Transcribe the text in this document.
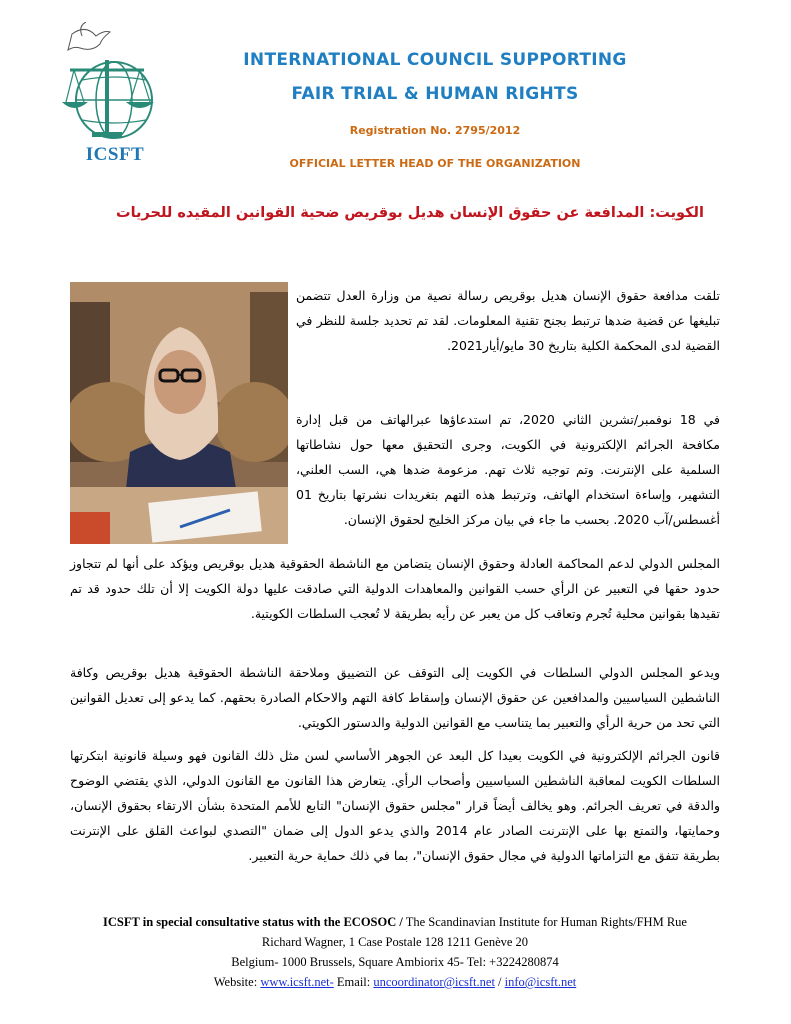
ICSFT
INTERNATIONAL COUNCIL SUPPORTING
FAIR TRIAL & HUMAN RIGHTS
Registration No. 2795/2012
OFFICIAL LETTER HEAD OF THE ORGANIZATION
الكويت: المدافعة عن حقوق الإنسان هديل بوقريص ضحية القوانين المقيده للحريات

تلقت مدافعة حقوق الإنسان هديل بوقريص رسالة نصية من وزارة العدل تتضمن تبليغها عن قضية ضدها ترتبط بجنح تقنية المعلومات. لقد تم تحديد جلسة للنظر في القضية لدى المحكمة الكلية بتاريخ 30 مايو/أيار2021.

في 18 نوفمبر/تشرين الثاني 2020، تم استدعاؤها عبرالهاتف من قبل إدارة مكافحة الجرائم الإلكترونية في الكويت، وجرى التحقيق معها حول نشاطاتها السلمية على الإنترنت. وتم توجيه ثلاث تهم. مزعومة ضدها هي، السب العلني، التشهير، وإساءة استخدام الهاتف، وترتبط هذه التهم بتغريدات نشرتها بتاريخ 01 أغسطس/آب 2020. بحسب ما جاء في بيان مركز الخليج لحقوق الإنسان.

المجلس الدولي لدعم المحاكمة العادلة وحقوق الإنسان يتضامن مع الناشطة الحقوقية هديل بوقريص ويؤكد على أنها لم تتجاوز حدود حقها في التعبير عن الرأي حسب القوانين والمعاهدات الدولية التي صادقت عليها دولة الكويت إلا أن تلك حدود قد تم تقيدها بقوانين محلية تُجرم وتعاقب كل من يعبر عن رأيه بطريقة لا تُعجب السلطات الكويتية.

ويدعو المجلس الدولي السلطات في الكويت إلى التوقف عن التضييق وملاحقة الناشطة الحقوقية هديل بوقريص وكافة الناشطين السياسيين والمدافعين عن حقوق الإنسان وإسقاط كافة التهم والاحكام الصادرة بحقهم. كما يدعو إلى تعديل القوانين التي تحد من حرية الرأي والتعبير بما يتناسب مع القوانين الدولية والدستور الكويتي.

قانون الجرائم الإلكترونية في الكويت بعيدا كل البعد عن الجوهر الأساسي لسن مثل ذلك القانون فهو وسيلة قانونية ابتكرتها السلطات الكويت لمعاقبة الناشطين السياسيين وأصحاب الرأي. يتعارض هذا القانون مع القانون الدولي، الذي يقتضي الوضوح والدقة في تعريف الجرائم. وهو يخالف أيضاً قرار "مجلس حقوق الإنسان" التابع للأمم المتحدة بشأن الارتقاء بحقوق الإنسان، وحمايتها، والتمتع بها على الإنترنت الصادر عام 2014 والذي يدعو الدول إلى ضمان "التصدي لبواعث القلق على الإنترنت بطريقة تتفق مع التزاماتها الدولية في مجال حقوق الإنسان"، بما في ذلك حماية حرية التعبير.

ICSFT in special consultative status with the ECOSOC / The Scandinavian Institute for Human Rights/FHM Rue Richard Wagner, 1 Case Postale 128 1211 Genève 20
Belgium- 1000 Brussels, Square Ambiorix 45- Tel: +3224280874
Website: www.icsft.net- Email: uncoordinator@icsft.net / info@icsft.net
